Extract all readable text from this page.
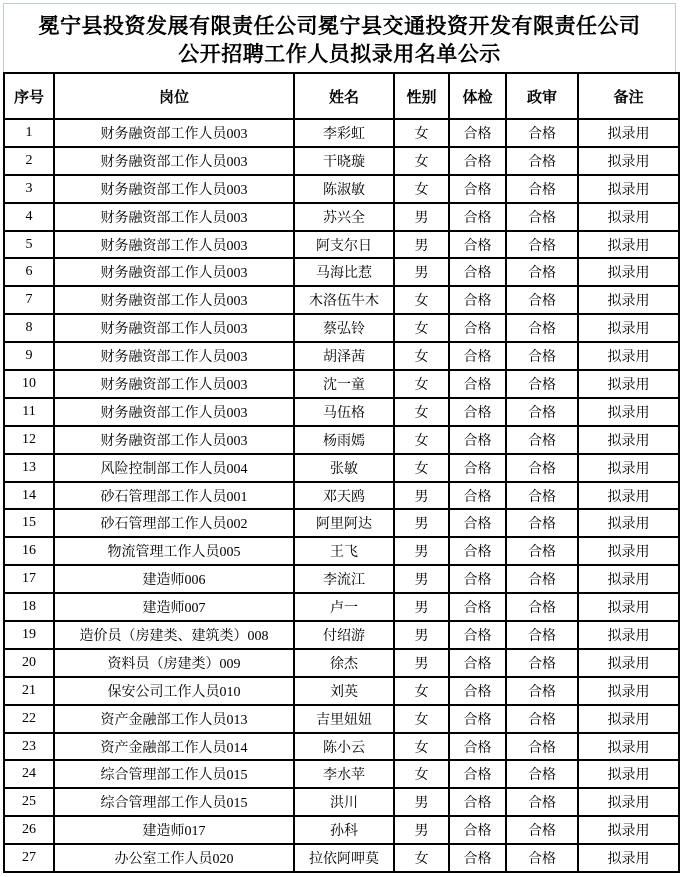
冕宁县投资发展有限责任公司冕宁县交通投资开发有限责任公司
公开招聘工作人员拟录用名单公示
序号	岗位	姓名	性别	体检	政审	备注
1	财务融资部工作人员003	李彩虹	女	合格	合格	拟录用
2	财务融资部工作人员003	干晓璇	女	合格	合格	拟录用
3	财务融资部工作人员003	陈淑敏	女	合格	合格	拟录用
4	财务融资部工作人员003	苏兴全	男	合格	合格	拟录用
5	财务融资部工作人员003	阿支尔日	男	合格	合格	拟录用
6	财务融资部工作人员003	马海比惹	男	合格	合格	拟录用
7	财务融资部工作人员003	木洛伍牛木	女	合格	合格	拟录用
8	财务融资部工作人员003	蔡弘铃	女	合格	合格	拟录用
9	财务融资部工作人员003	胡泽茜	女	合格	合格	拟录用
10	财务融资部工作人员003	沈一童	女	合格	合格	拟录用
11	财务融资部工作人员003	马伍格	女	合格	合格	拟录用
12	财务融资部工作人员003	杨雨嫣	女	合格	合格	拟录用
13	风险控制部工作人员004	张敏	女	合格	合格	拟录用
14	砂石管理部工作人员001	邓天鸥	男	合格	合格	拟录用
15	砂石管理部工作人员002	阿里阿达	男	合格	合格	拟录用
16	物流管理工作人员005	王飞	男	合格	合格	拟录用
17	建造师006	李流江	男	合格	合格	拟录用
18	建造师007	卢一	男	合格	合格	拟录用
19	造价员（房建类、建筑类）008	付绍游	男	合格	合格	拟录用
20	资料员（房建类）009	徐杰	男	合格	合格	拟录用
21	保安公司工作人员010	刘英	女	合格	合格	拟录用
22	资产金融部工作人员013	吉里妞妞	女	合格	合格	拟录用
23	资产金融部工作人员014	陈小云	女	合格	合格	拟录用
24	综合管理部工作人员015	李水苹	女	合格	合格	拟录用
25	综合管理部工作人员015	洪川	男	合格	合格	拟录用
26	建造师017	孙科	男	合格	合格	拟录用
27	办公室工作人员020	拉依阿呷莫	女	合格	合格	拟录用
